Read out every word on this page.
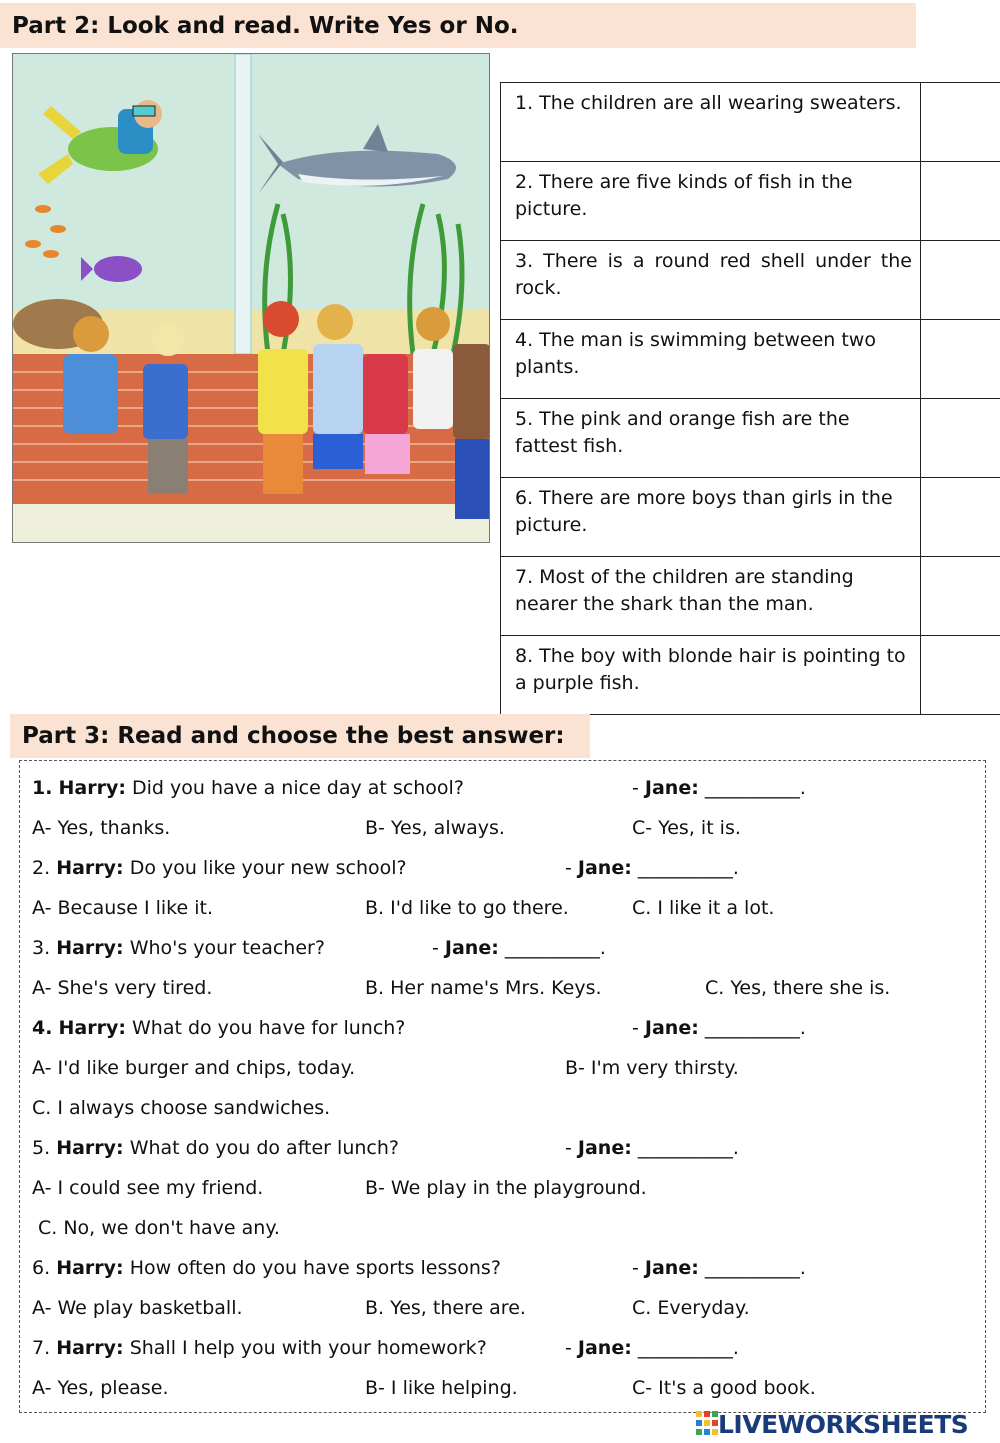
Part 2: Look and read. Write Yes or No.
1. The children are all wearing sweaters.	
2. There are five kinds of fish in the picture.	
3. There is a round red shell under the rock.	
4. The man is swimming between two plants.	
5. The pink and orange fish are the fattest fish.	
6. There are more boys than girls in the picture.	
7. Most of the children are standing nearer the shark than the man.	
8. The boy with blonde hair is pointing to a purple fish.	
Part 3: Read and choose the best answer:
1. Harry: Did you have a nice day at school?	- Jane: __________.
A- Yes, thanks.	B- Yes, always.	C- Yes, it is.
2. Harry: Do you like your new school?	- Jane: __________.
A- Because I like it.	B. I'd like to go there.	C. I like it a lot.
3. Harry: Who's your teacher?	- Jane: __________.
A- She's very tired.	B. Her name's Mrs. Keys.	C. Yes, there she is.
4. Harry: What do you have for lunch?	- Jane: __________.
A- I'd like burger and chips, today.	B- I'm very thirsty.
C. I always choose sandwiches.
5. Harry: What do you do after lunch?	- Jane: __________.
A- I could see my friend.	B- We play in the playground.
C. No, we don't have any.
6. Harry: How often do you have sports lessons?	- Jane: __________.
A- We play basketball.	B. Yes, there are.	C. Everyday.
7. Harry: Shall I help you with your homework?	- Jane: __________.
A- Yes, please.	B- I like helping.	C- It's a good book.
LIVEWORKSHEETS
